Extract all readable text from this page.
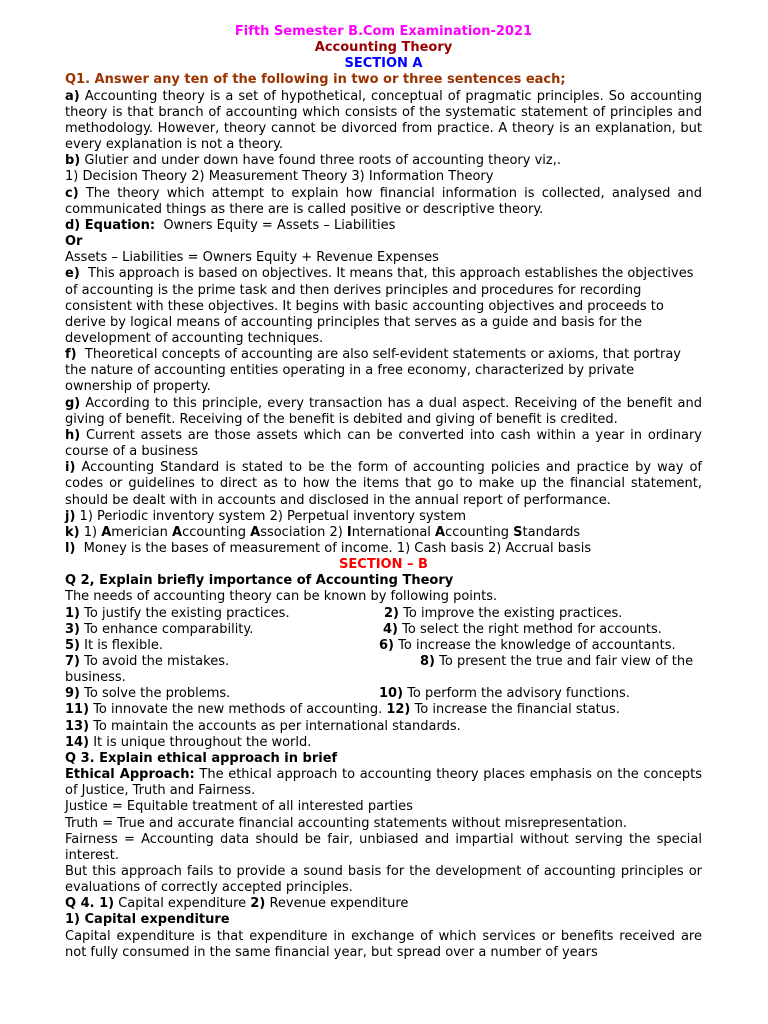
Fifth Semester B.Com Examination-2021

Accounting Theory

SECTION A

Q1. Answer any ten of the following in two or three sentences each;

a) Accounting theory is a set of hypothetical, conceptual of pragmatic principles. So accounting theory is that branch of accounting which consists of the systematic statement of principles and methodology. However, theory cannot be divorced from practice. A theory is an explanation, but every explanation is not a theory.

b) Glutier and under down have found three roots of accounting theory viz,.

1) Decision Theory 2) Measurement Theory 3) Information Theory

c) The theory which attempt to explain how financial information is collected, analysed and communicated things as there are is called positive or descriptive theory.

d) Equation: Owners Equity = Assets – Liabilities

Or

Assets – Liabilities = Owners Equity + Revenue Expenses

e) This approach is based on objectives. It means that, this approach establishes the objectives of accounting is the prime task and then derives principles and procedures for recording consistent with these objectives. It begins with basic accounting objectives and proceeds to derive by logical means of accounting principles that serves as a guide and basis for the development of accounting techniques.

f) Theoretical concepts of accounting are also self-evident statements or axioms, that portray the nature of accounting entities operating in a free economy, characterized by private ownership of property.

g) According to this principle, every transaction has a dual aspect. Receiving of the benefit and giving of benefit. Receiving of the benefit is debited and giving of benefit is credited.

h) Current assets are those assets which can be converted into cash within a year in ordinary course of a business

i) Accounting Standard is stated to be the form of accounting policies and practice by way of codes or guidelines to direct as to how the items that go to make up the financial statement, should be dealt with in accounts and disclosed in the annual report of performance.

j) 1) Periodic inventory system 2) Perpetual inventory system

k) 1) Americian Accounting Association 2) International Accounting Standards

l) Money is the bases of measurement of income. 1) Cash basis 2) Accrual basis

SECTION – B

Q 2, Explain briefly importance of Accounting Theory

The needs of accounting theory can be known by following points.

1) To justify the existing practices.	2) To improve the existing practices.
3) To enhance comparability.	4) To select the right method for accounts.
5) It is flexible.	6) To increase the knowledge of accountants.
7) To avoid the mistakes.	8) To present the true and fair view of the

business.

9) To solve the problems.	10) To perform the advisory functions.
11) To innovate the new methods of accounting. 12) To increase the financial status.
13) To maintain the accounts as per international standards.
14) It is unique throughout the world.

Q 3. Explain ethical approach in brief

Ethical Approach: The ethical approach to accounting theory places emphasis on the concepts of Justice, Truth and Fairness.

Justice = Equitable treatment of all interested parties

Truth = True and accurate financial accounting statements without misrepresentation.

Fairness = Accounting data should be fair, unbiased and impartial without serving the special interest.

But this approach fails to provide a sound basis for the development of accounting principles or evaluations of correctly accepted principles.

Q 4. 1) Capital expenditure 2) Revenue expenditure

1) Capital expenditure

Capital expenditure is that expenditure in exchange of which services or benefits received are not fully consumed in the same financial year, but spread over a number of years
